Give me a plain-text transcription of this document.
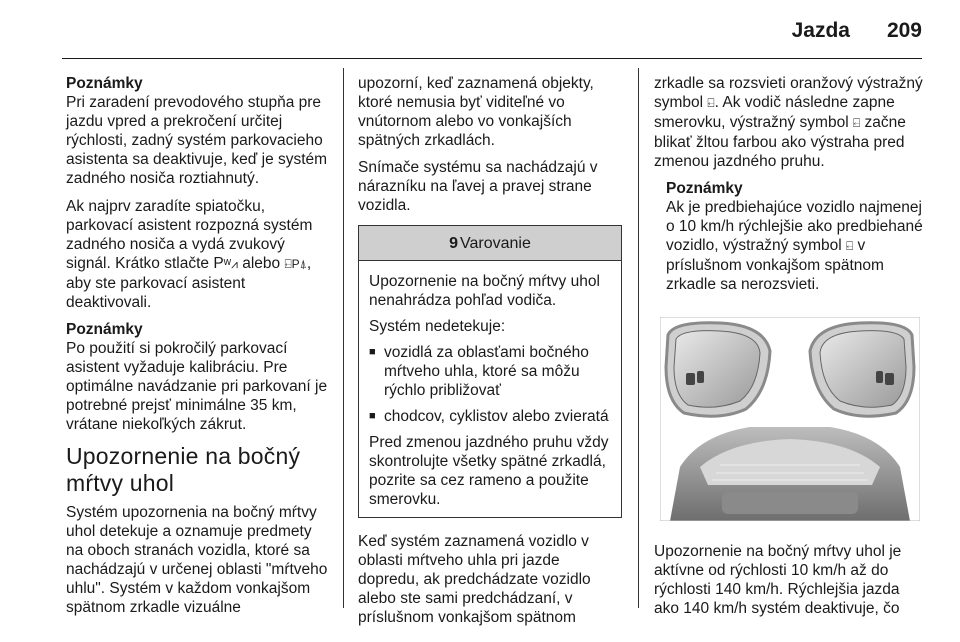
Jazda	209

Poznámky

Pri zaradení prevodového stupňa pre jazdu vpred a prekročení určitej rýchlosti, zadný systém parkovacieho asistenta sa deaktivuje, keď je systém zadného nosiča roztiahnutý.

Ak najprv zaradíte spiatočku, parkovací asistent rozpozná systém zadného nosiča a vydá zvukový signál. Krátko stlačte Pᵂ⩘ alebo ⍇P⍋, aby ste parkovací asistent deaktivovali.

Poznámky

Po použití si pokročilý parkovací asistent vyžaduje kalibráciu. Pre optimálne navádzanie pri parkovaní je potrebné prejsť minimálne 35 km, vrátane niekoľkých zákrut.

Upozornenie na bočný mŕtvy uhol

Systém upozornenia na bočný mŕtvy uhol detekuje a oznamuje predmety na oboch stranách vozidla, ktoré sa nachádzajú v určenej oblasti "mŕtveho uhlu". Systém v každom vonkajšom spätnom zrkadle vizuálne

upozorní, keď zaznamená objekty, ktoré nemusia byť viditeľné vo vnútornom alebo vo vonkajších spätných zrkadlách.

Snímače systému sa nachádzajú v nárazníku na ľavej a pravej strane vozidla.

9 Varovanie

Upozornenie na bočný mŕtvy uhol nenahrádza pohľad vodiča.

Systém nedetekuje:

■ vozidlá za oblasťami bočného mŕtveho uhla, ktoré sa môžu rýchlo približovať
■ chodcov, cyklistov alebo zvieratá

Pred zmenou jazdného pruhu vždy skontrolujte všetky spätné zrkadlá, pozrite sa cez rameno a použite smerovku.

Keď systém zaznamená vozidlo v oblasti mŕtveho uhla pri jazde dopredu, ak predchádzate vozidlo alebo ste sami predchádzaní, v príslušnom vonkajšom spätnom

zrkadle sa rozsvieti oranžový výstražný symbol ⍇. Ak vodič následne zapne smerovku, výstražný symbol ⍇ začne blikať žltou farbou ako výstraha pred zmenou jazdného pruhu.

Poznámky

Ak je predbiehajúce vozidlo najmenej o 10 km/h rýchlejšie ako predbiehané vozidlo, výstražný symbol ⍇ v príslušnom vonkajšom spätnom zrkadle sa nerozsvieti.

Upozornenie na bočný mŕtvy uhol je aktívne od rýchlosti 10 km/h až do rýchlosti 140 km/h. Rýchlejšia jazda ako 140 km/h systém deaktivuje, čo
